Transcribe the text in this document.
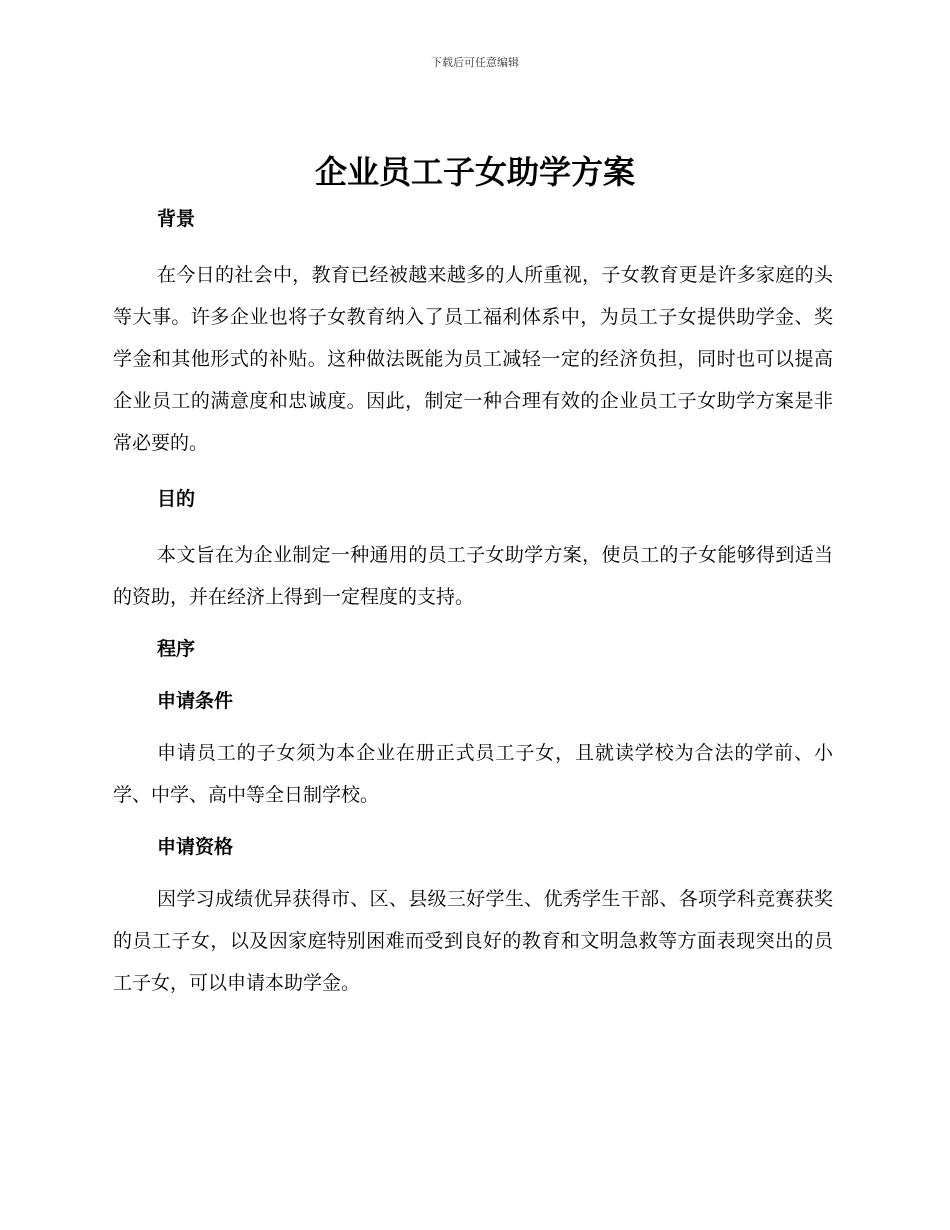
下载后可任意编辑
企业员工子女助学方案
背景

在今日的社会中，教育已经被越来越多的人所重视，子女教育更是许多家庭的头等大事。许多企业也将子女教育纳入了员工福利体系中，为员工子女提供助学金、奖学金和其他形式的补贴。这种做法既能为员工减轻一定的经济负担，同时也可以提高企业员工的满意度和忠诚度。因此，制定一种合理有效的企业员工子女助学方案是非常必要的。

目的

本文旨在为企业制定一种通用的员工子女助学方案，使员工的子女能够得到适当的资助，并在经济上得到一定程度的支持。

程序
申请条件

申请员工的子女须为本企业在册正式员工子女，且就读学校为合法的学前、小学、中学、高中等全日制学校。

申请资格

因学习成绩优异获得市、区、县级三好学生、优秀学生干部、各项学科竞赛获奖的员工子女，以及因家庭特别困难而受到良好的教育和文明急救等方面表现突出的员工子女，可以申请本助学金。
